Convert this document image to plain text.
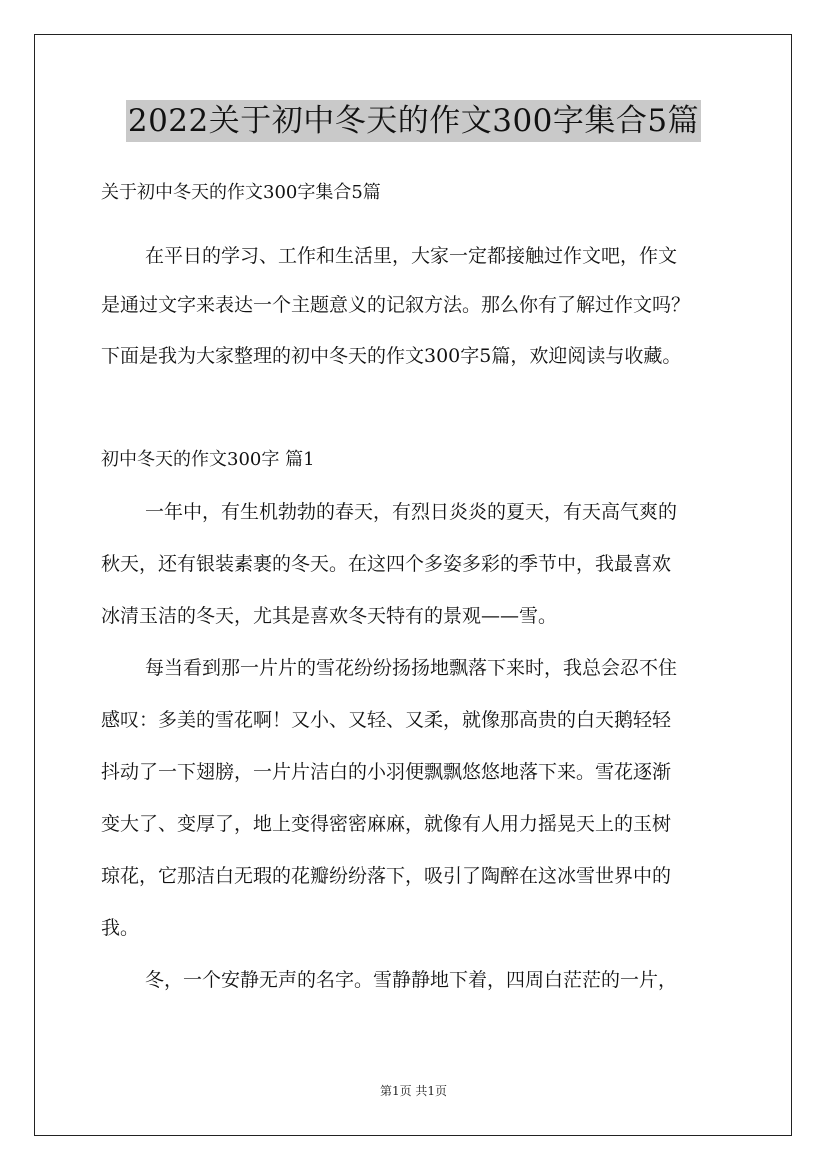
2022关于初中冬天的作文300字集合5篇
关于初中冬天的作文300字集合5篇
在平日的学习、工作和生活里，大家一定都接触过作文吧，作文
是通过文字来表达一个主题意义的记叙方法。那么你有了解过作文吗？
下面是我为大家整理的初中冬天的作文300字5篇，欢迎阅读与收藏。
初中冬天的作文300字 篇1
一年中，有生机勃勃的春天，有烈日炎炎的夏天，有天高气爽的
秋天，还有银装素裹的冬天。在这四个多姿多彩的季节中，我最喜欢
冰清玉洁的冬天，尤其是喜欢冬天特有的景观——雪。
每当看到那一片片的雪花纷纷扬扬地飘落下来时，我总会忍不住
感叹：多美的雪花啊！又小、又轻、又柔，就像那高贵的白天鹅轻轻
抖动了一下翅膀，一片片洁白的小羽便飘飘悠悠地落下来。雪花逐渐
变大了、变厚了，地上变得密密麻麻，就像有人用力摇晃天上的玉树
琼花，它那洁白无瑕的花瓣纷纷落下，吸引了陶醉在这冰雪世界中的
我。
冬，一个安静无声的名字。雪静静地下着，四周白茫茫的一片，
第1页 共1页
